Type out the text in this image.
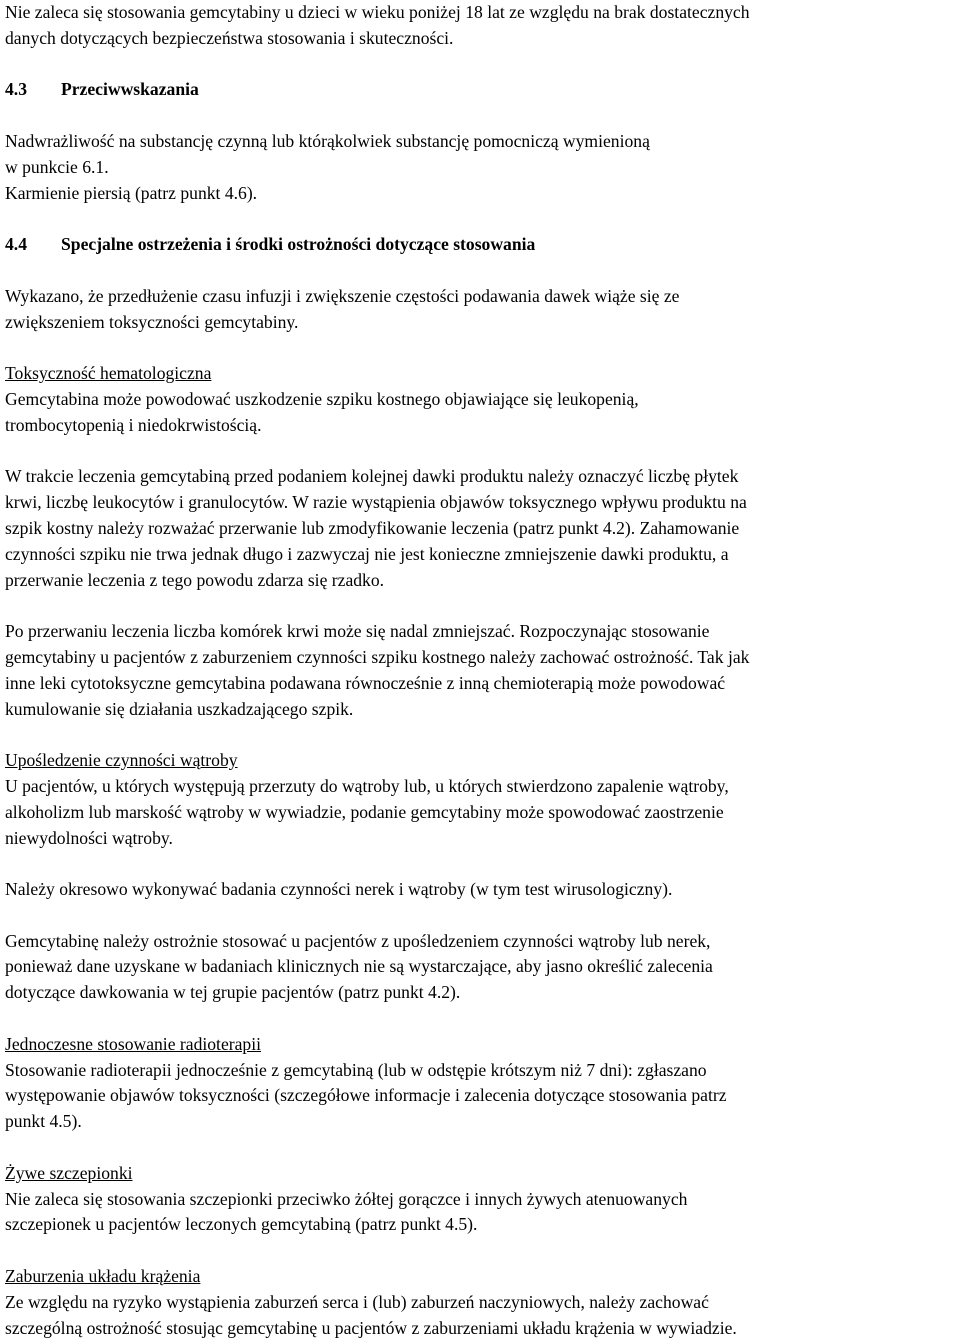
Nie zaleca się stosowania gemcytabiny u dzieci w wieku poniżej 18 lat ze względu na brak dostatecznych

danych dotyczących bezpieczeństwa stosowania i skuteczności.

4.3 Przeciwwskazania

Nadwrażliwość na substancję czynną lub którąkolwiek substancję pomocniczą wymienioną

w punkcie 6.1.

Karmienie piersią (patrz punkt 4.6).

4.4 Specjalne ostrzeżenia i środki ostrożności dotyczące stosowania

Wykazano, że przedłużenie czasu infuzji i zwiększenie częstości podawania dawek wiąże się ze

zwiększeniem toksyczności gemcytabiny.

Toksyczność hematologiczna

Gemcytabina może powodować uszkodzenie szpiku kostnego objawiające się leukopenią,

trombocytopenią i niedokrwistością.

W trakcie leczenia gemcytabiną przed podaniem kolejnej dawki produktu należy oznaczyć liczbę płytek

krwi, liczbę leukocytów i granulocytów. W razie wystąpienia objawów toksycznego wpływu produktu na

szpik kostny należy rozważać przerwanie lub zmodyfikowanie leczenia (patrz punkt 4.2). Zahamowanie

czynności szpiku nie trwa jednak długo i zazwyczaj nie jest konieczne zmniejszenie dawki produktu, a

przerwanie leczenia z tego powodu zdarza się rzadko.

Po przerwaniu leczenia liczba komórek krwi może się nadal zmniejszać. Rozpoczynając stosowanie

gemcytabiny u pacjentów z zaburzeniem czynności szpiku kostnego należy zachować ostrożność. Tak jak

inne leki cytotoksyczne gemcytabina podawana równocześnie z inną chemioterapią może powodować

kumulowanie się działania uszkadzającego szpik.

Upośledzenie czynności wątroby

U pacjentów, u których występują przerzuty do wątroby lub, u których stwierdzono zapalenie wątroby,

alkoholizm lub marskość wątroby w wywiadzie, podanie gemcytabiny może spowodować zaostrzenie

niewydolności wątroby.

Należy okresowo wykonywać badania czynności nerek i wątroby (w tym test wirusologiczny).

Gemcytabinę należy ostrożnie stosować u pacjentów z upośledzeniem czynności wątroby lub nerek,

ponieważ dane uzyskane w badaniach klinicznych nie są wystarczające, aby jasno określić zalecenia

dotyczące dawkowania w tej grupie pacjentów (patrz punkt 4.2).

Jednoczesne stosowanie radioterapii

Stosowanie radioterapii jednocześnie z gemcytabiną (lub w odstępie krótszym niż 7 dni): zgłaszano

występowanie objawów toksyczności (szczegółowe informacje i zalecenia dotyczące stosowania patrz

punkt 4.5).

Żywe szczepionki

Nie zaleca się stosowania szczepionki przeciwko żółtej gorączce i innych żywych atenuowanych

szczepionek u pacjentów leczonych gemcytabiną (patrz punkt 4.5).

Zaburzenia układu krążenia

Ze względu na ryzyko wystąpienia zaburzeń serca i (lub) zaburzeń naczyniowych, należy zachować

szczególną ostrożność stosując gemcytabinę u pacjentów z zaburzeniami układu krążenia w wywiadzie.
